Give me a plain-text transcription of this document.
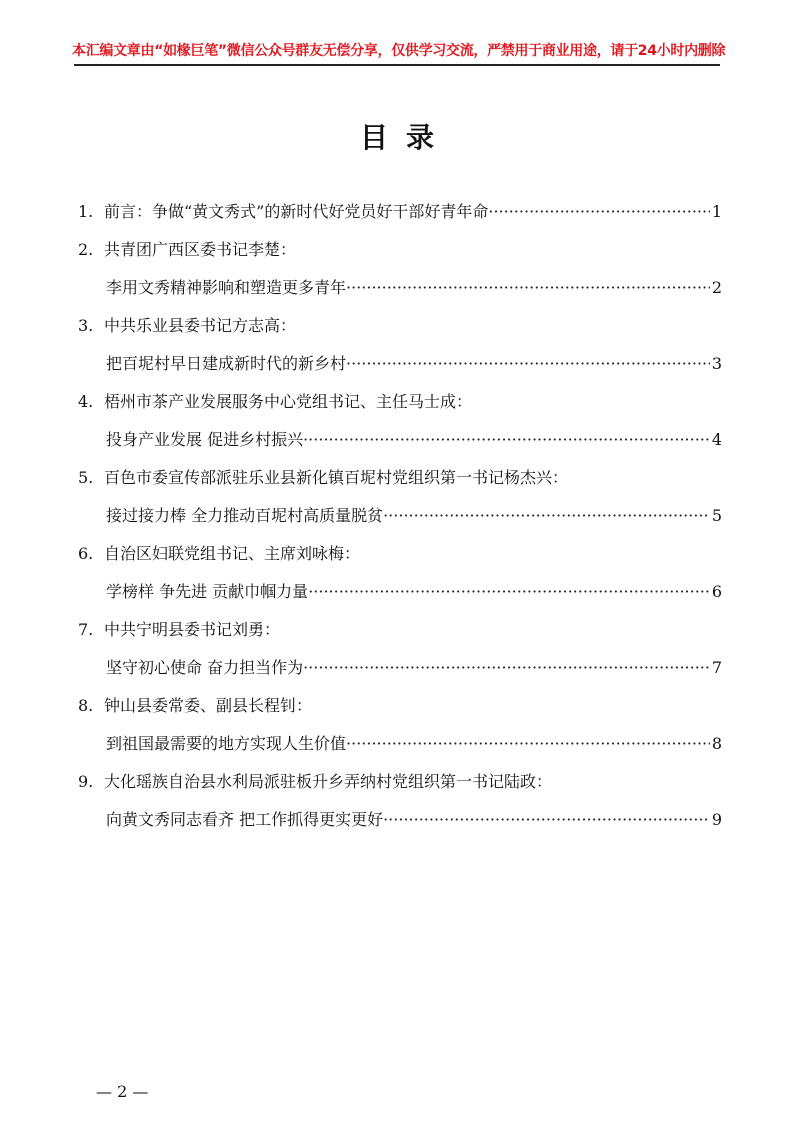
本汇编文章由“如椽巨笔”微信公众号群友无偿分享，仅供学习交流，严禁用于商业用途，请于24小时内删除
目录
1. 前言：争做“黄文秀式”的新时代好党员好干部好青年命 ·····	1
2. 共青团广西区委书记李楚：
李用文秀精神影响和塑造更多青年 ·····	2
3. 中共乐业县委书记方志高：
把百坭村早日建成新时代的新乡村 ·····	3
4. 梧州市茶产业发展服务中心党组书记、主任马士成：
投身产业发展 促进乡村振兴 ·····	4
5. 百色市委宣传部派驻乐业县新化镇百坭村党组织第一书记杨杰兴：
接过接力棒 全力推动百坭村高质量脱贫 ·····	5
6. 自治区妇联党组书记、主席刘咏梅：
学榜样 争先进 贡献巾帼力量 ·····	6
7. 中共宁明县委书记刘勇：
坚守初心使命 奋力担当作为 ·····	7
8. 钟山县委常委、副县长程钊：
到祖国最需要的地方实现人生价值 ·····	8
9. 大化瑶族自治县水利局派驻板升乡弄纳村党组织第一书记陆政：
向黄文秀同志看齐 把工作抓得更实更好 ·····	9
— 2 —
